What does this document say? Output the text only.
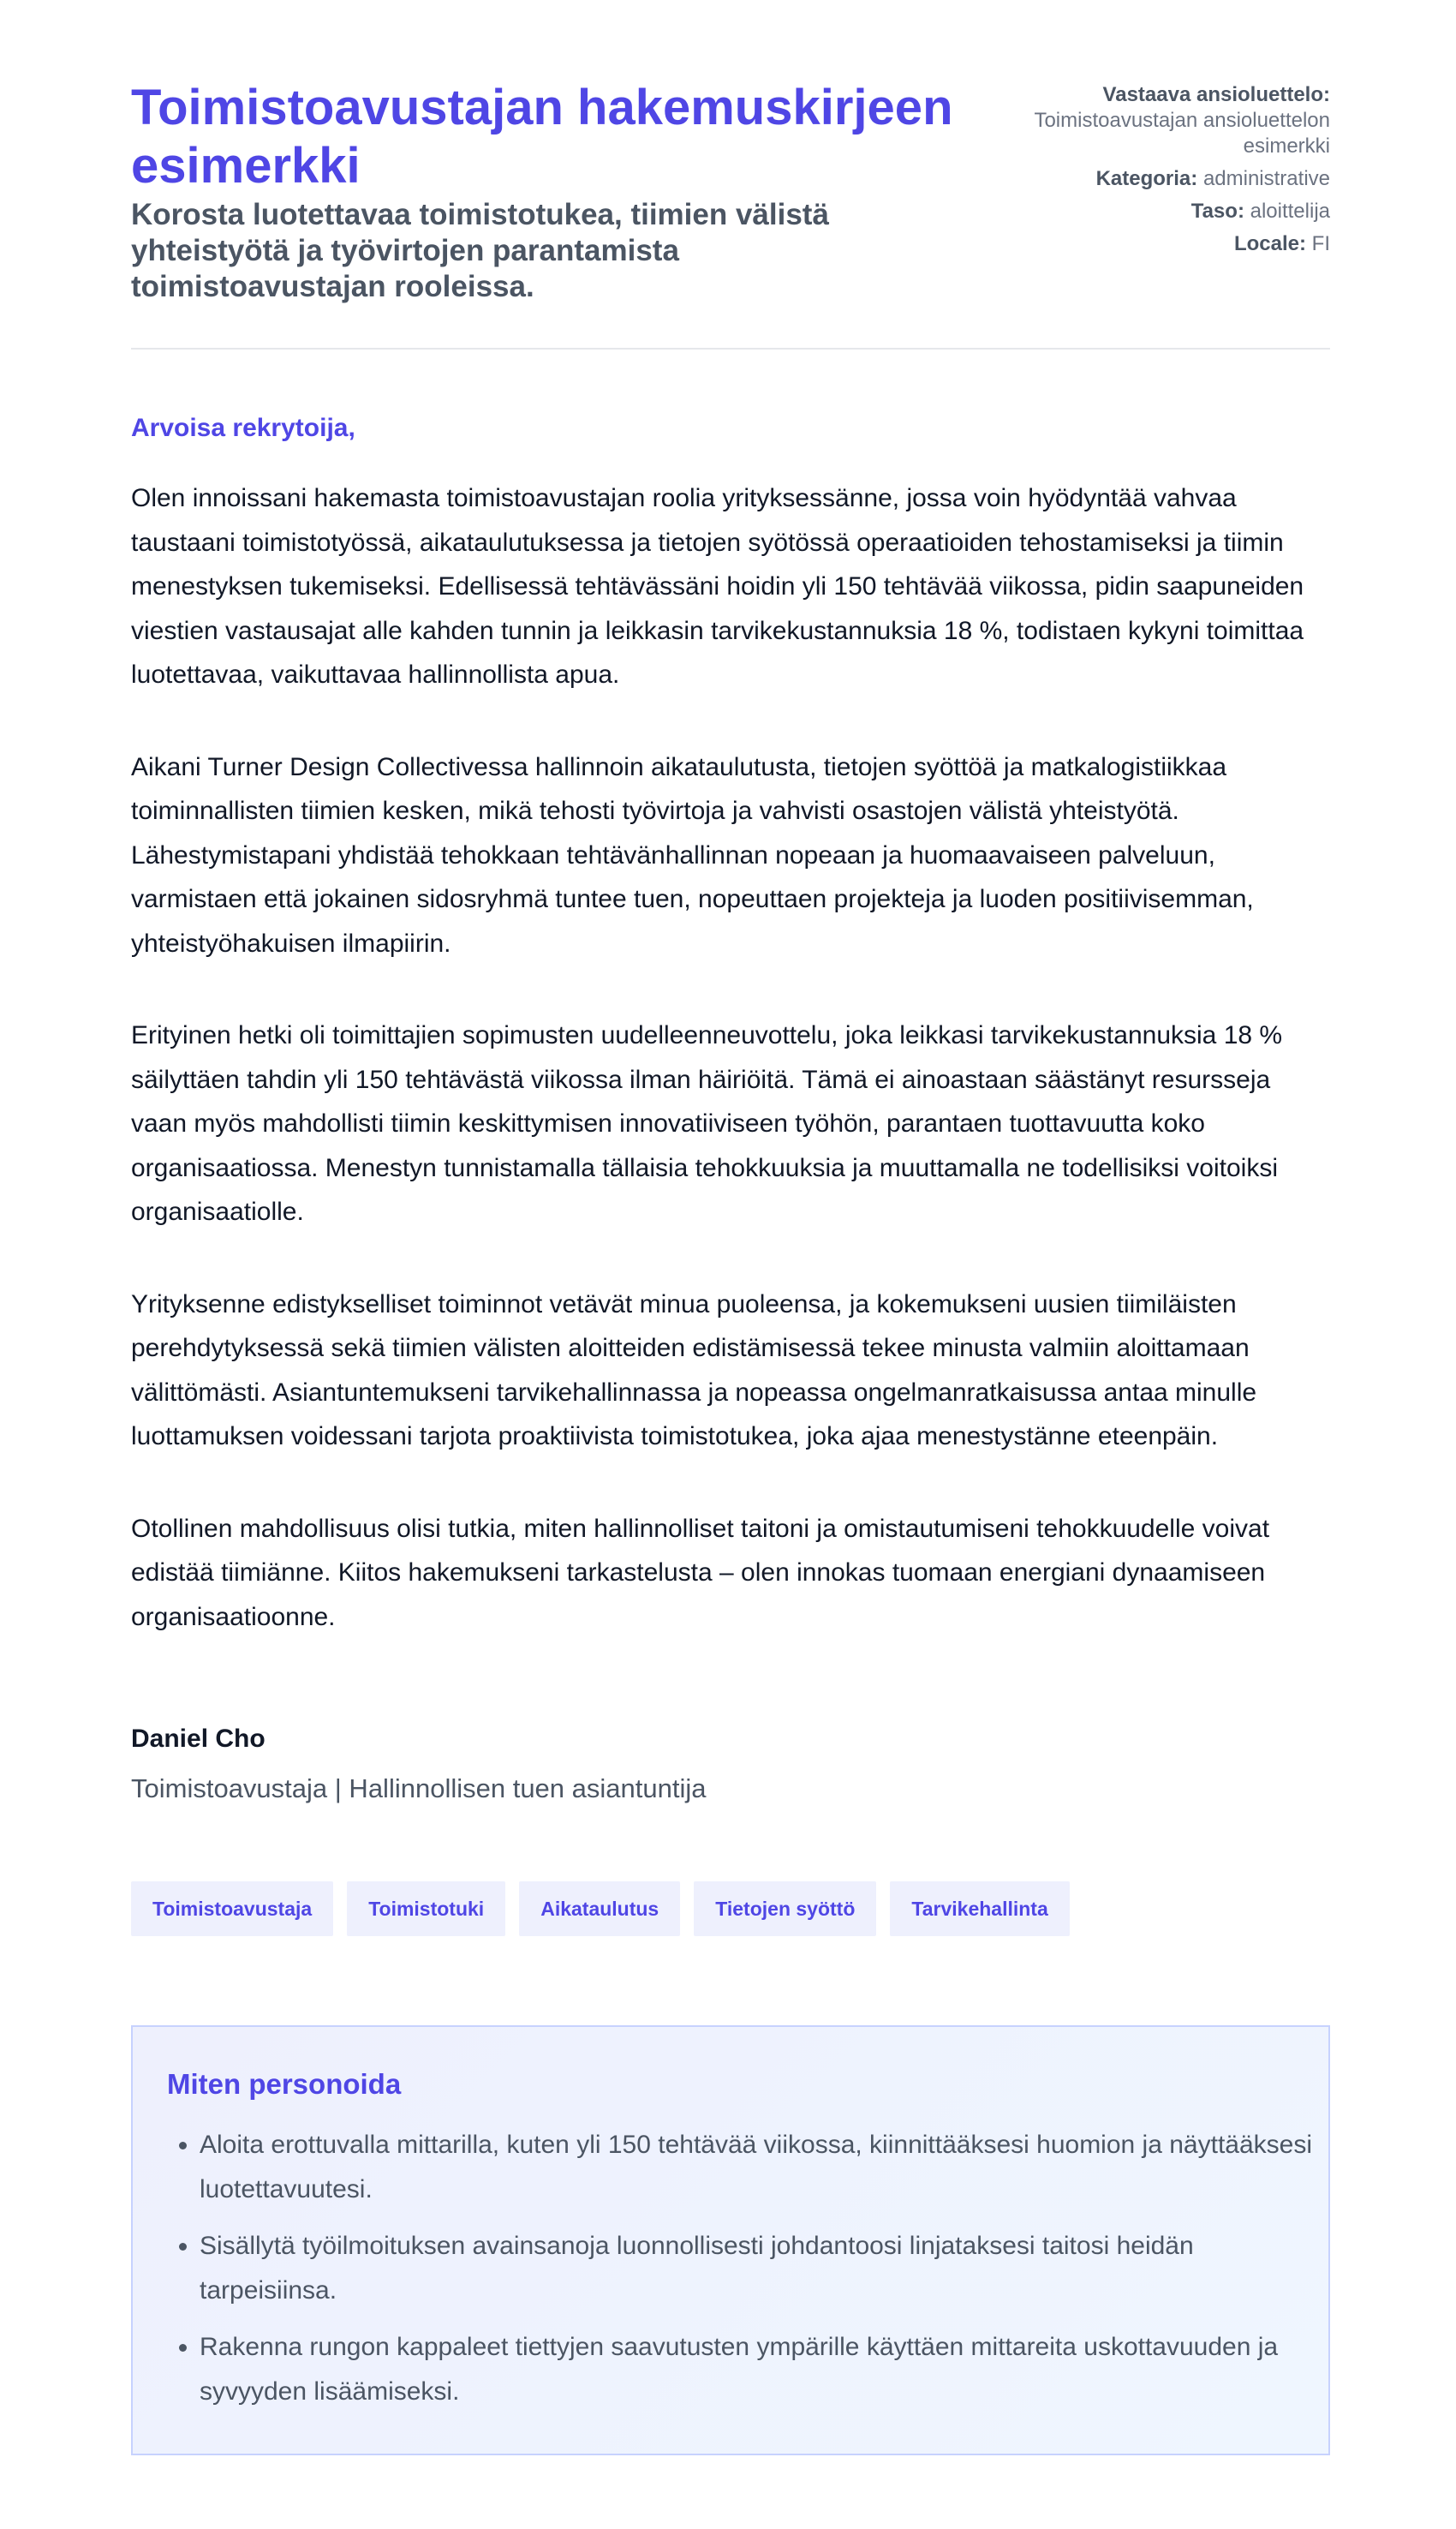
Toimistoavustajan hakemuskirjeen esimerkki
Korosta luotettavaa toimistotukea, tiimien välistä yhteistyötä ja työvirtojen parantamista toimistoavustajan rooleissa.
Vastaava ansioluettelo:
Toimistoavustajan ansioluettelon esimerkki
Kategoria: administrative
Taso: aloittelija
Locale: FI

Arvoisa rekrytoija,

Olen innoissani hakemasta toimistoavustajan roolia yrityksessänne, jossa voin hyödyntää vahvaa taustaani toimistotyössä, aikataulutuksessa ja tietojen syötössä operaatioiden tehostamiseksi ja tiimin menestyksen tukemiseksi. Edellisessä tehtävässäni hoidin yli 150 tehtävää viikossa, pidin saapuneiden viestien vastausajat alle kahden tunnin ja leikkasin tarvikekustannuksia 18 %, todistaen kykyni toimittaa luotettavaa, vaikuttavaa hallinnollista apua.

Aikani Turner Design Collectivessa hallinnoin aikataulutusta, tietojen syöttöä ja matkalogistiikkaa toiminnallisten tiimien kesken, mikä tehosti työvirtoja ja vahvisti osastojen välistä yhteistyötä. Lähestymistapani yhdistää tehokkaan tehtävänhallinnan nopeaan ja huomaavaiseen palveluun, varmistaen että jokainen sidosryhmä tuntee tuen, nopeuttaen projekteja ja luoden positiivisemman, yhteistyöhakuisen ilmapiirin.

Erityinen hetki oli toimittajien sopimusten uudelleenneuvottelu, joka leikkasi tarvikekustannuksia 18 % säilyttäen tahdin yli 150 tehtävästä viikossa ilman häiriöitä. Tämä ei ainoastaan säästänyt resursseja vaan myös mahdollisti tiimin keskittymisen innovatiiviseen työhön, parantaen tuottavuutta koko organisaatiossa. Menestyn tunnistamalla tällaisia tehokkuuksia ja muuttamalla ne todellisiksi voitoiksi organisaatiolle.

Yrityksenne edistykselliset toiminnot vetävät minua puoleensa, ja kokemukseni uusien tiimiläisten perehdytyksessä sekä tiimien välisten aloitteiden edistämisessä tekee minusta valmiin aloittamaan välittömästi. Asiantuntemukseni tarvikehallinnassa ja nopeassa ongelmanratkaisussa antaa minulle luottamuksen voidessani tarjota proaktiivista toimistotukea, joka ajaa menestystänne eteenpäin.

Otollinen mahdollisuus olisi tutkia, miten hallinnolliset taitoni ja omistautumiseni tehokkuudelle voivat edistää tiimiänne. Kiitos hakemukseni tarkastelusta – olen innokas tuomaan energiani dynaamiseen organisaatioonne.

Daniel Cho

Toimistoavustaja | Hallinnollisen tuen asiantuntija

Toimistoavustaja	Toimistotuki	Aikataulutus	Tietojen syöttö	Tarvikehallinta
Miten personoida
• Aloita erottuvalla mittarilla, kuten yli 150 tehtävää viikossa, kiinnittääksesi huomion ja näyttääksesi luotettavuutesi.
• Sisällytä työilmoituksen avainsanoja luonnollisesti johdantoosi linjataksesi taitosi heidän tarpeisiinsa.
• Rakenna rungon kappaleet tiettyjen saavutusten ympärille käyttäen mittareita uskottavuuden ja syvyyden lisäämiseksi.
